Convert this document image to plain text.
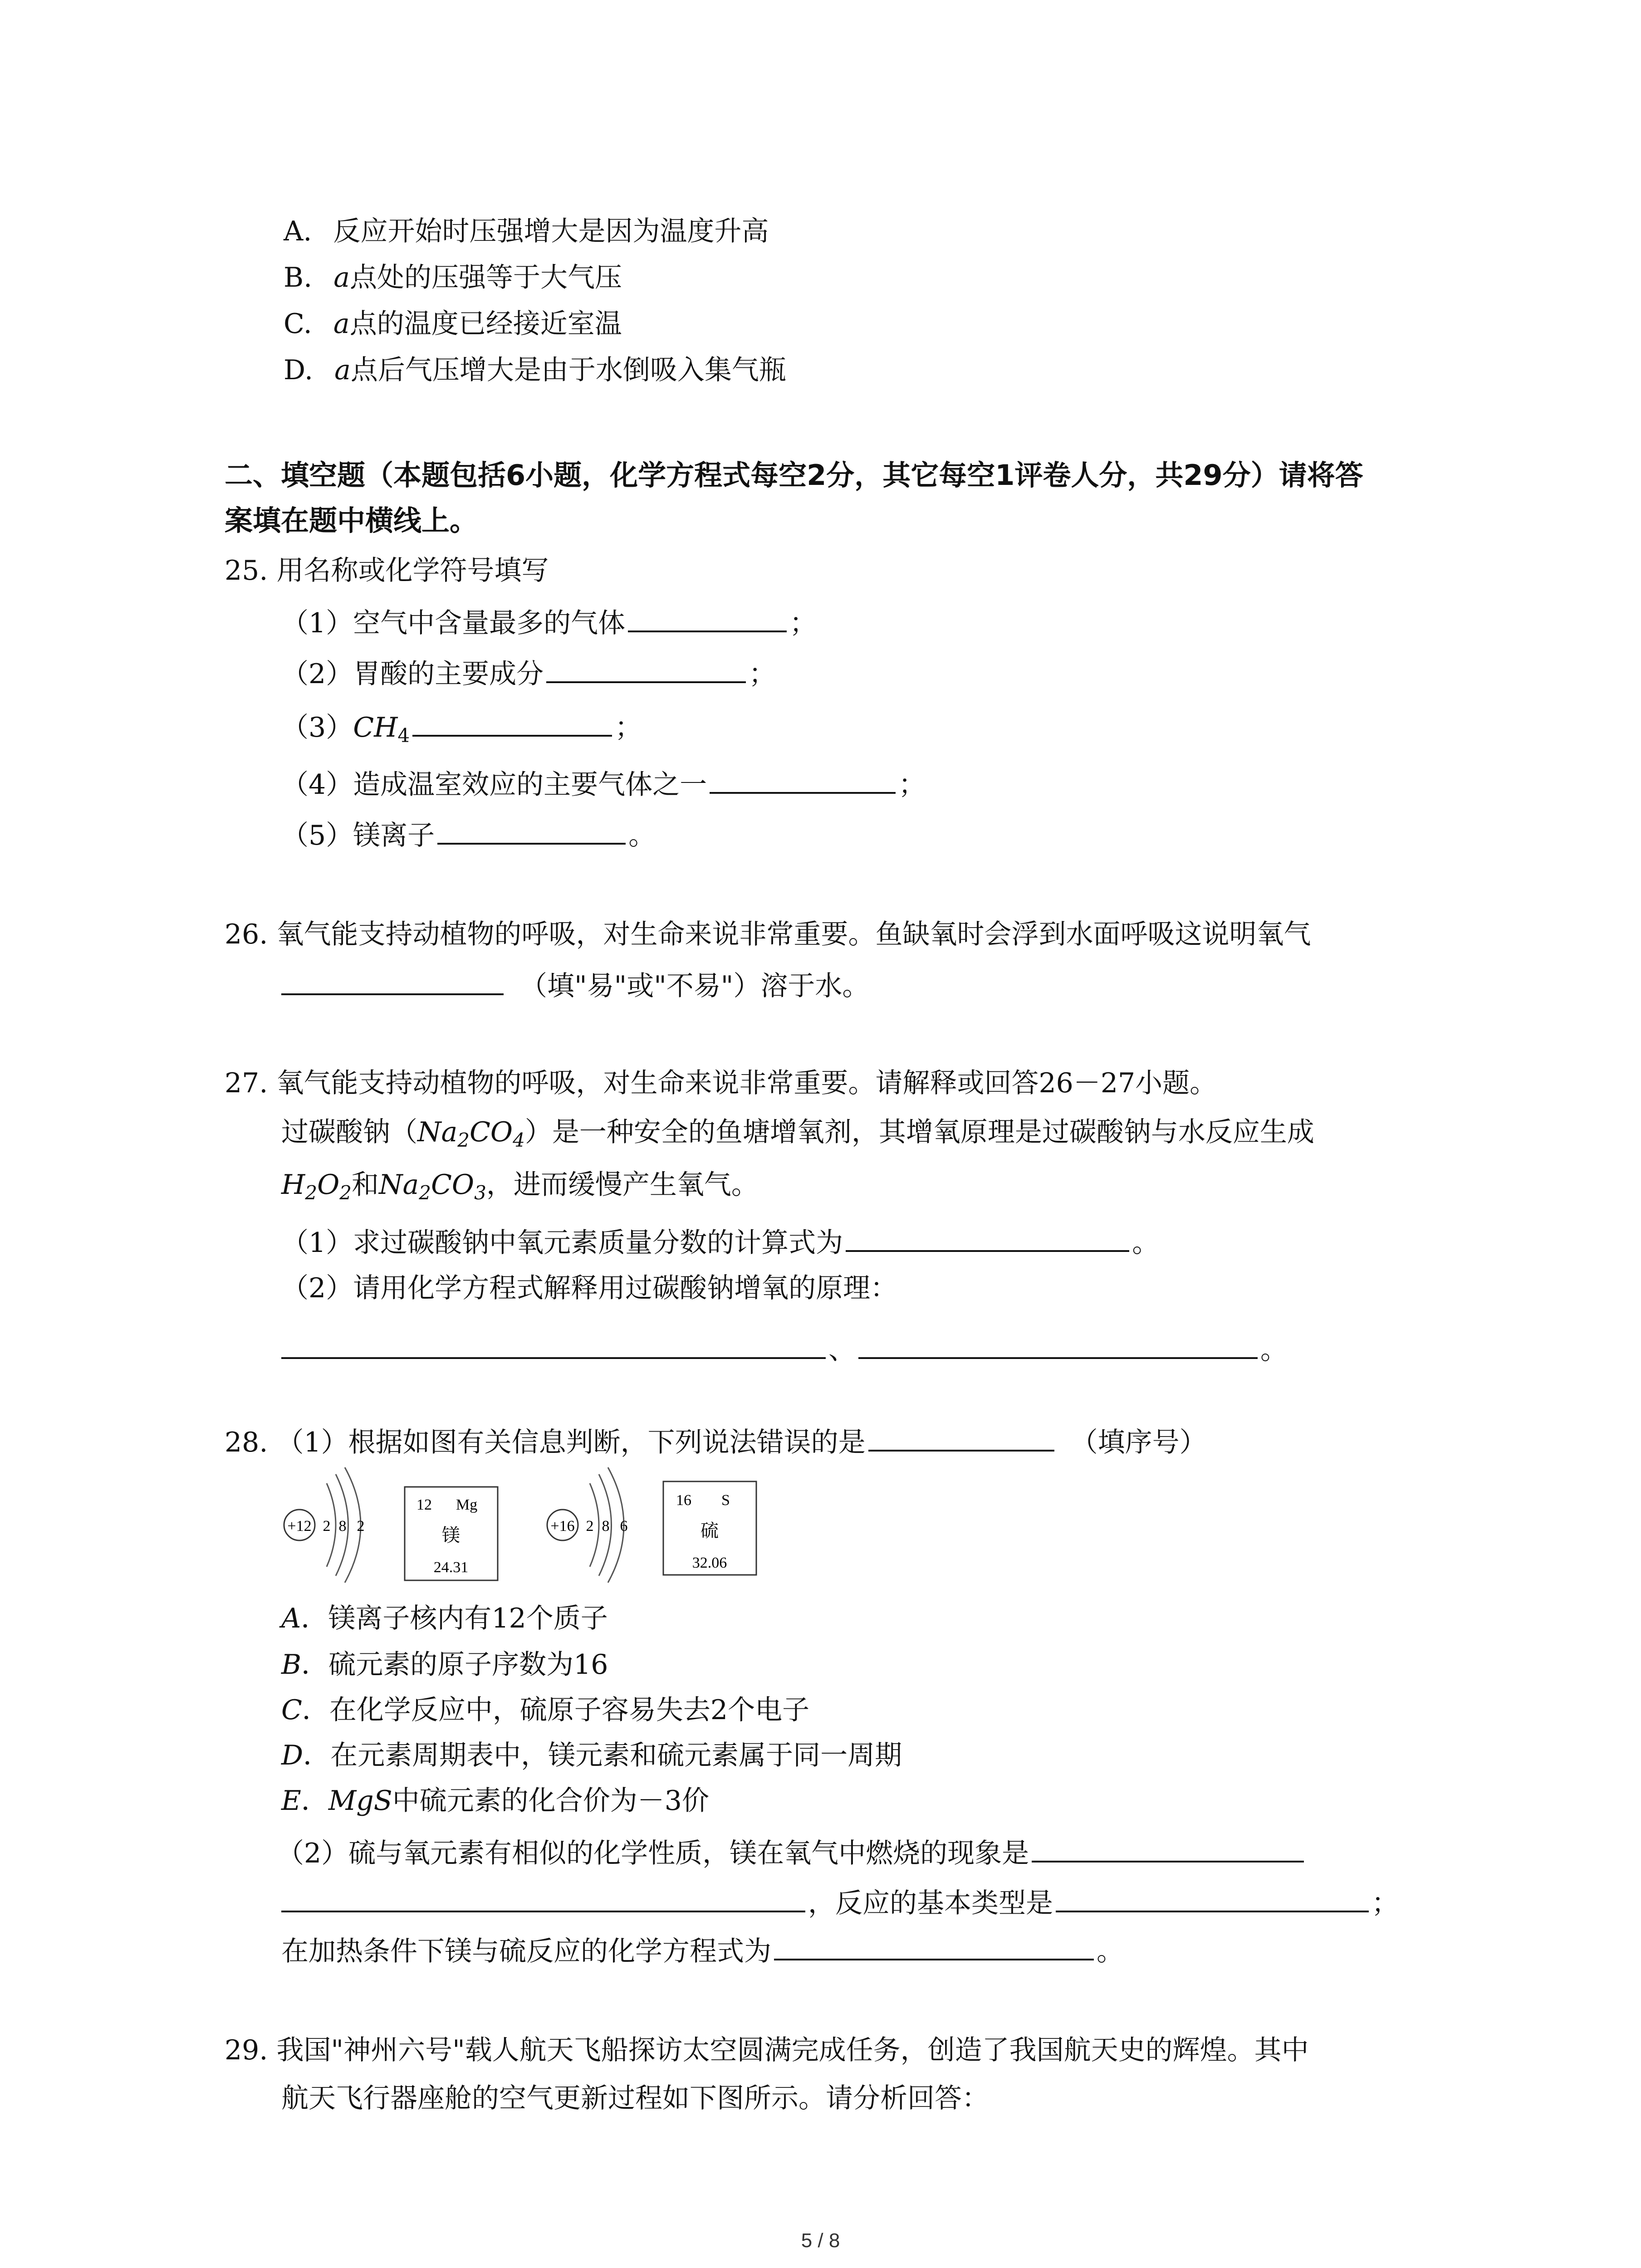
A. 反应开始时压强增大是因为温度升高
B. a点处的压强等于大气压
C. a点的温度已经接近室温
D. a点后气压增大是由于水倒吸入集气瓶
二、填空题（本题包括6小题，化学方程式每空2分，其它每空1评卷人分，共29分）请将答
案填在题中横线上。
25. 用名称或化学符号填写
（1）空气中含量最多的气体	；
（2）胃酸的主要成分	；
$(3)CH_4$	；
（4）造成温室效应的主要气体之一	；
（5）镁离子	。
26. 氧气能支持动植物的呼吸，对生命来说非常重要。鱼缺氧时会浮到水面呼吸这说明氧气
（填"易"或"不易"）溶于水。
27. 氧气能支持动植物的呼吸，对生命来说非常重要。请解释或回答26－27小题。
过碳酸钠$(Na_2CO_4)$是一种安全的鱼塘增氧剂，其增氧原理是过碳酸钠与水反应生成
$H_2O_2$和$Na_2CO_3$，进而缓慢产生氧气。
（1）求过碳酸钠中氧元素质量分数的计算式为	。
（2）请用化学方程式解释用过碳酸钠增氧的原理：
、	。
28. （1）根据如图有关信息判断，下列说法错误的是	（填序号）
+12 2 8 2
12 Mg
镁
24.31
+16 2 8 6
16 S
硫
32.06
A．镁离子核内有12个质子
B．硫元素的原子序数为16
C．在化学反应中，硫原子容易失去2个电子
D．在元素周期表中，镁元素和硫元素属于同一周期
E．MgS中硫元素的化合价为－3价
（2）硫与氧元素有相似的化学性质，镁在氧气中燃烧的现象是
，反应的基本类型是	；
在加热条件下镁与硫反应的化学方程式为	。
29. 我国"神州六号"载人航天飞船探访太空圆满完成任务，创造了我国航天史的辉煌。其中
航天飞行器座舱的空气更新过程如下图所示。请分析回答：
5 / 8
